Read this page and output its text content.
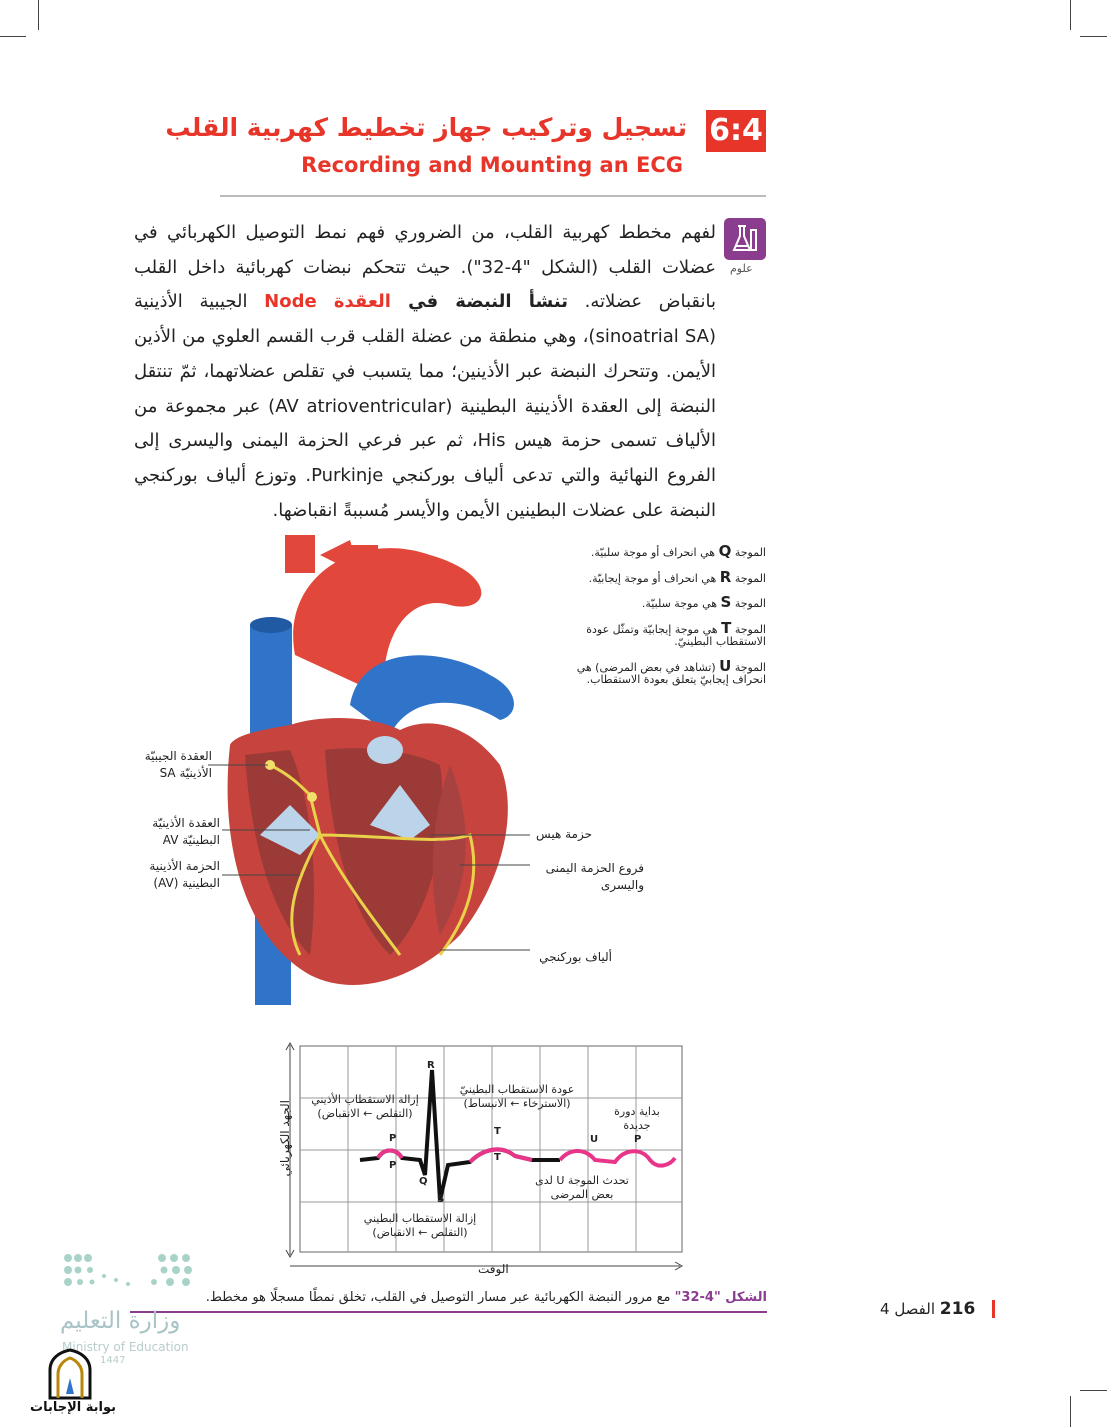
6:4
تسجيل وتركيب جهاز تخطيط كهربية القلب
Recording and Mounting an ECG
علوم
لفهم مخطط كهربية القلب، من الضروري فهم نمط التوصيل الكهربائي في عضلات القلب (الشكل "4-32"). حيث تتحكم نبضات كهربائية داخل القلب بانقباض عضلاته. تنشأ النبضة في العقدة Node الجيبية الأذينية (sinoatrial SA)، وهي منطقة من عضلة القلب قرب القسم العلوي من الأذين الأيمن. وتتحرك النبضة عبر الأذينين؛ مما يتسبب في تقلص عضلاتهما، ثمّ تنتقل النبضة إلى العقدة الأذينية البطينية (AV atrioventricular) عبر مجموعة من الألياف تسمى حزمة هيس His، ثم عبر فرعي الحزمة اليمنى واليسرى إلى الفروع النهائية والتي تدعى ألياف بوركنجي Purkinje. وتوزع ألياف بوركنجي النبضة على عضلات البطينين الأيمن والأيسر مُسببةً انقباضها.

الموجة Q هي انحراف أو موجة سلبيّة.

الموجة R هي انحراف أو موجة إيجابيّة.

الموجة S هي موجة سلبيّة.

الموجة T هي موجة إيجابيّة وتمثّل عودة الاستقطاب البطينيّ.

الموجة U (تشاهد في بعض المرضى) هي انحراف إيجابيّ يتعلق بعودة الاستقطاب.

العقدة الجيبيّة الأذينيّة SA
العقدة الأذينيّة البطينيّة AV
الحزمة الأذينية البطينية (AV)
حزمة هيس
فروع الحزمة اليمنى واليسرى
ألياف بوركنجي
الجهد الكهربائي
الوقت
إزالة الاستقطاب الأذيني
(التقلص ← الانقباض)
عودة الاستقطاب البطينيّ
(الاسترخاء ← الانبساط)
بداية دورة جديدة
تحدث الموجة U لدى بعض المرضى
إزالة الاستقطاب البطيني
(التقلص ← الانقباض)
R
P
P
Q
S
T
T
U	P
الشكل "4-32" مع مرور النبضة الكهربائية عبر مسار التوصيل في القلب، تخلق نمطًا مسجلًا هو مخطط.
216 الفصل 4
وزارة التعليم
Ministry of Education
1447
بوابة الإجابات
